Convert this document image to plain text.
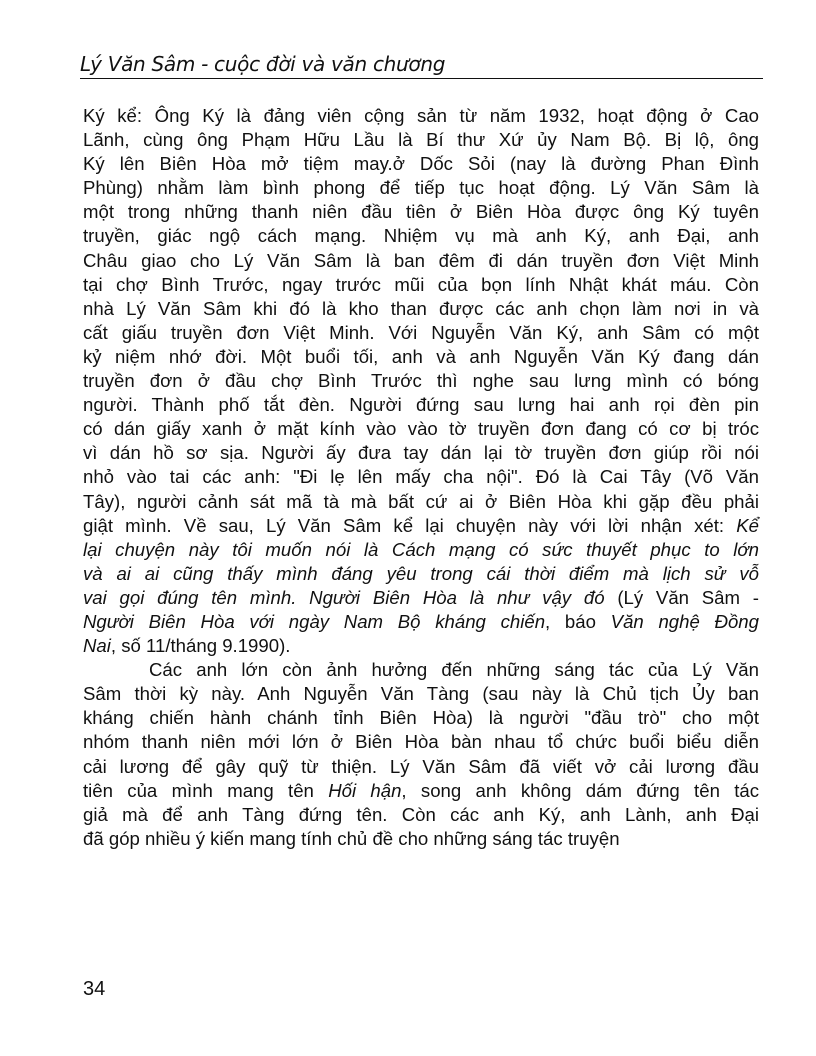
Lý Văn Sâm - cuộc đời và văn chương
Ký kể: Ông Ký là đảng viên cộng sản từ năm 1932, hoạt động ở Cao
Lãnh, cùng ông Phạm Hữu Lầu là Bí thư Xứ ủy Nam Bộ. Bị lộ, ông
Ký lên Biên Hòa mở tiệm may.ở Dốc Sỏi (nay là đường Phan Đình
Phùng) nhằm làm bình phong để tiếp tục hoạt động. Lý Văn Sâm là
một trong những thanh niên đầu tiên ở Biên Hòa được ông Ký tuyên
truyền, giác ngộ cách mạng. Nhiệm vụ mà anh Ký, anh Đại, anh
Châu giao cho Lý Văn Sâm là ban đêm đi dán truyền đơn Việt Minh
tại chợ Bình Trước, ngay trước mũi của bọn lính Nhật khát máu. Còn
nhà Lý Văn Sâm khi đó là kho than được các anh chọn làm nơi in và
cất giấu truyền đơn Việt Minh. Với Nguyễn Văn Ký, anh Sâm có một
kỷ niệm nhớ đời. Một buổi tối, anh và anh Nguyễn Văn Ký đang dán
truyền đơn ở đầu chợ Bình Trước thì nghe sau lưng mình có bóng
người. Thành phố tắt đèn. Người đứng sau lưng hai anh rọi đèn pin
có dán giấy xanh ở mặt kính vào vào tờ truyền đơn đang có cơ bị tróc
vì dán hồ sơ sịa. Người ấy đưa tay dán lại tờ truyền đơn giúp rồi nói
nhỏ vào tai các anh: "Đi lẹ lên mấy cha nội". Đó là Cai Tây (Võ Văn
Tây), người cảnh sát mã tà mà bất cứ ai ở Biên Hòa khi gặp đều phải
giật mình. Về sau, Lý Văn Sâm kể lại chuyện này với lời nhận xét: Kể
lại chuyện này tôi muốn nói là Cách mạng có sức thuyết phục to lớn
và ai ai cũng thấy mình đáng yêu trong cái thời điểm mà lịch sử vỗ
vai gọi đúng tên mình. Người Biên Hòa là như vậy đó (Lý Văn Sâm -
Người Biên Hòa với ngày Nam Bộ kháng chiến, báo Văn nghệ Đồng
Nai, số 11/tháng 9.1990).
Các anh lớn còn ảnh hưởng đến những sáng tác của Lý Văn
Sâm thời kỳ này. Anh Nguyễn Văn Tàng (sau này là Chủ tịch Ủy ban
kháng chiến hành chánh tỉnh Biên Hòa) là người "đầu trò" cho một
nhóm thanh niên mới lớn ở Biên Hòa bàn nhau tổ chức buổi biểu diễn
cải lương để gây quỹ từ thiện. Lý Văn Sâm đã viết vở cải lương đầu
tiên của mình mang tên Hối hận, song anh không dám đứng tên tác
giả mà để anh Tàng đứng tên. Còn các anh Ký, anh Lành, anh Đại
đã góp nhiều ý kiến mang tính chủ đề cho những sáng tác truyện
34
